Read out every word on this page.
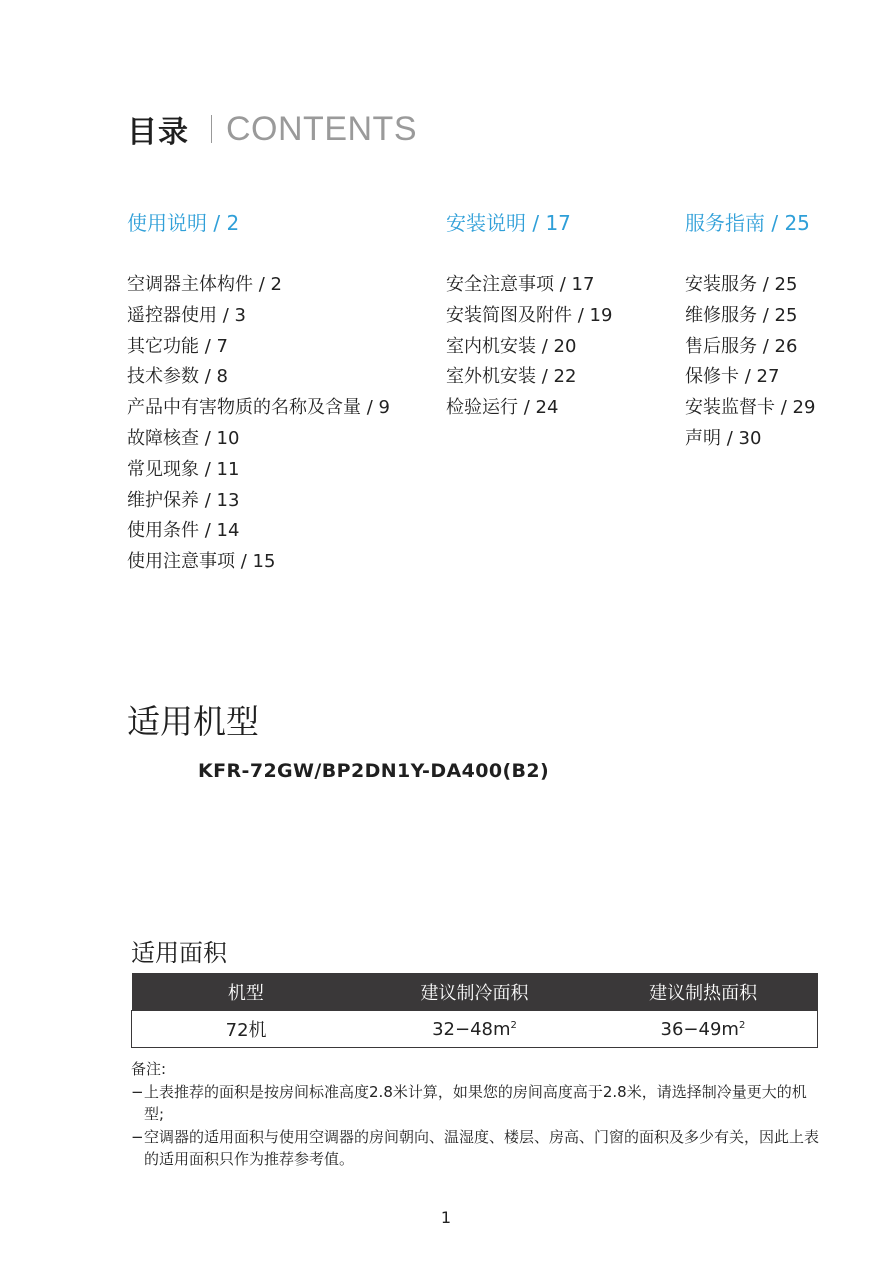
目录 CONTENTS
使用说明 / 2
空调器主体构件 / 2
遥控器使用 / 3
其它功能 / 7
技术参数 / 8
产品中有害物质的名称及含量 / 9
故障核查 / 10
常见现象 / 11
维护保养 / 13
使用条件 / 14
使用注意事项 / 15
安装说明 / 17
安全注意事项 / 17
安装简图及附件 / 19
室内机安装 / 20
室外机安装 / 22
检验运行 / 24
服务指南 / 25
安装服务 / 25
维修服务 / 25
售后服务 / 26
保修卡 / 27
安装监督卡 / 29
声明 / 30
适用机型
KFR-72GW/BP2DN1Y-DA400(B2)
适用面积
机型	建议制冷面积	建议制热面积
72机	$32-48m^2$	$36-49m^2$
备注:
− 上表推荐的面积是按房间标准高度2.8米计算，如果您的房间高度高于2.8米，请选择制冷量更大的机型;
− 空调器的适用面积与使用空调器的房间朝向、温湿度、楼层、房高、门窗的面积及多少有关，因此上表的适用面积只作为推荐参考值。
1
